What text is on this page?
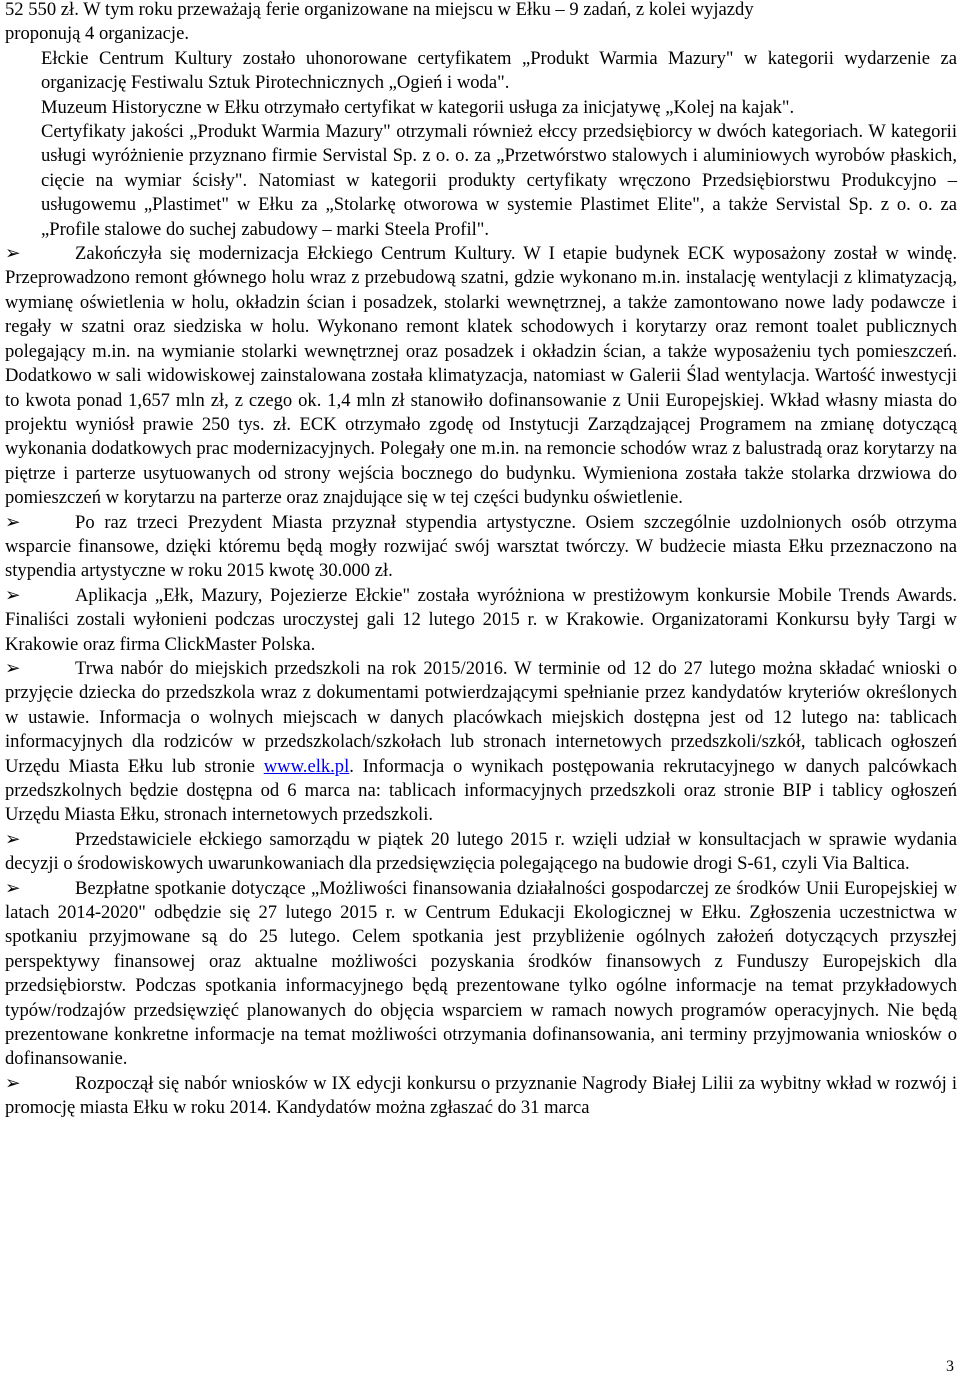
52 550 zł. W tym roku przeważają ferie organizowane na miejscu w Ełku – 9 zadań, z kolei wyjazdy
proponują 4 organizacje.

Ełckie Centrum Kultury zostało uhonorowane certyfikatem „Produkt Warmia Mazury" w kategorii wydarzenie za organizację Festiwalu Sztuk Pirotechnicznych „Ogień i woda".

Muzeum Historyczne w Ełku otrzymało certyfikat w kategorii usługa za inicjatywę „Kolej na kajak".

Certyfikaty jakości „Produkt Warmia Mazury" otrzymali również ełccy przedsiębiorcy w dwóch kategoriach. W kategorii usługi wyróżnienie przyznano firmie Servistal Sp. z o. o. za „Przetwórstwo stalowych i aluminiowych wyrobów płaskich, cięcie na wymiar ścisły". Natomiast w kategorii produkty certyfikaty wręczono Przedsiębiorstwu Produkcyjno – usługowemu „Plastimet" w Ełku za „Stolarkę otworowa w systemie Plastimet Elite", a także Servistal Sp. z o. o. za „Profile stalowe do suchej zabudowy – marki Steela Profil".

➢	Zakończyła się modernizacja Ełckiego Centrum Kultury. W I etapie budynek ECK wyposażony został w windę. Przeprowadzono remont głównego holu wraz z przebudową szatni, gdzie wykonano m.in. instalację wentylacji z klimatyzacją, wymianę oświetlenia w holu, okładzin ścian i posadzek, stolarki wewnętrznej, a także zamontowano nowe lady podawcze i regały w szatni oraz siedziska w holu. Wykonano remont klatek schodowych i korytarzy oraz remont toalet publicznych polegający m.in. na wymianie stolarki wewnętrznej oraz posadzek i okładzin ścian, a także wyposażeniu tych pomieszczeń. Dodatkowo w sali widowiskowej zainstalowana została klimatyzacja, natomiast w Galerii Ślad wentylacja. Wartość inwestycji to kwota ponad 1,657 mln zł, z czego ok. 1,4 mln zł stanowiło dofinansowanie z Unii Europejskiej. Wkład własny miasta do projektu wyniósł prawie 250 tys. zł. ECK otrzymało zgodę od Instytucji Zarządzającej Programem na zmianę dotyczącą wykonania dodatkowych prac modernizacyjnych. Polegały one m.in. na remoncie schodów wraz z balustradą oraz korytarzy na piętrze i parterze usytuowanych od strony wejścia bocznego do budynku. Wymieniona została także stolarka drzwiowa do pomieszczeń w korytarzu na parterze oraz znajdujące się w tej części budynku oświetlenie.

➢	Po raz trzeci Prezydent Miasta przyznał stypendia artystyczne. Osiem szczególnie uzdolnionych osób otrzyma wsparcie finansowe, dzięki któremu będą mogły rozwijać swój warsztat twórczy. W budżecie miasta Ełku przeznaczono na stypendia artystyczne w roku 2015 kwotę 30.000 zł.

➢	Aplikacja „Ełk, Mazury, Pojezierze Ełckie" została wyróżniona w prestiżowym konkursie Mobile Trends Awards. Finaliści zostali wyłonieni podczas uroczystej gali 12 lutego 2015 r. w Krakowie. Organizatorami Konkursu były Targi w Krakowie oraz firma ClickMaster Polska.

➢	Trwa nabór do miejskich przedszkoli na rok 2015/2016. W terminie od 12 do 27 lutego można składać wnioski o przyjęcie dziecka do przedszkola wraz z dokumentami potwierdzającymi spełnianie przez kandydatów kryteriów określonych w ustawie. Informacja o wolnych miejscach w danych placówkach miejskich dostępna jest od 12 lutego na: tablicach informacyjnych dla rodziców w przedszkolach/szkołach lub stronach internetowych przedszkoli/szkół, tablicach ogłoszeń Urzędu Miasta Ełku lub stronie www.elk.pl. Informacja o wynikach postępowania rekrutacyjnego w danych palcówkach przedszkolnych będzie dostępna od 6 marca na: tablicach informacyjnych przedszkoli oraz stronie BIP i tablicy ogłoszeń Urzędu Miasta Ełku, stronach internetowych przedszkoli.

➢	Przedstawiciele ełckiego samorządu w piątek 20 lutego 2015 r. wzięli udział w konsultacjach w sprawie wydania decyzji o środowiskowych uwarunkowaniach dla przedsięwzięcia polegającego na budowie drogi S-61, czyli Via Baltica.

➢	Bezpłatne spotkanie dotyczące „Możliwości finansowania działalności gospodarczej ze środków Unii Europejskiej w latach 2014-2020" odbędzie się 27 lutego 2015 r. w Centrum Edukacji Ekologicznej w Ełku. Zgłoszenia uczestnictwa w spotkaniu przyjmowane są do 25 lutego. Celem spotkania jest przybliżenie ogólnych założeń dotyczących przyszłej perspektywy finansowej oraz aktualne możliwości pozyskania środków finansowych z Funduszy Europejskich dla przedsiębiorstw. Podczas spotkania informacyjnego będą prezentowane tylko ogólne informacje na temat przykładowych typów/rodzajów przedsięwzięć planowanych do objęcia wsparciem w ramach nowych programów operacyjnych. Nie będą prezentowane konkretne informacje na temat możliwości otrzymania dofinansowania, ani terminy przyjmowania wniosków o dofinansowanie.

➢	Rozpoczął się nabór wniosków w IX edycji konkursu o przyznanie Nagrody Białej Lilii za wybitny wkład w rozwój i promocję miasta Ełku w roku 2014. Kandydatów można zgłaszać do 31 marca

3
